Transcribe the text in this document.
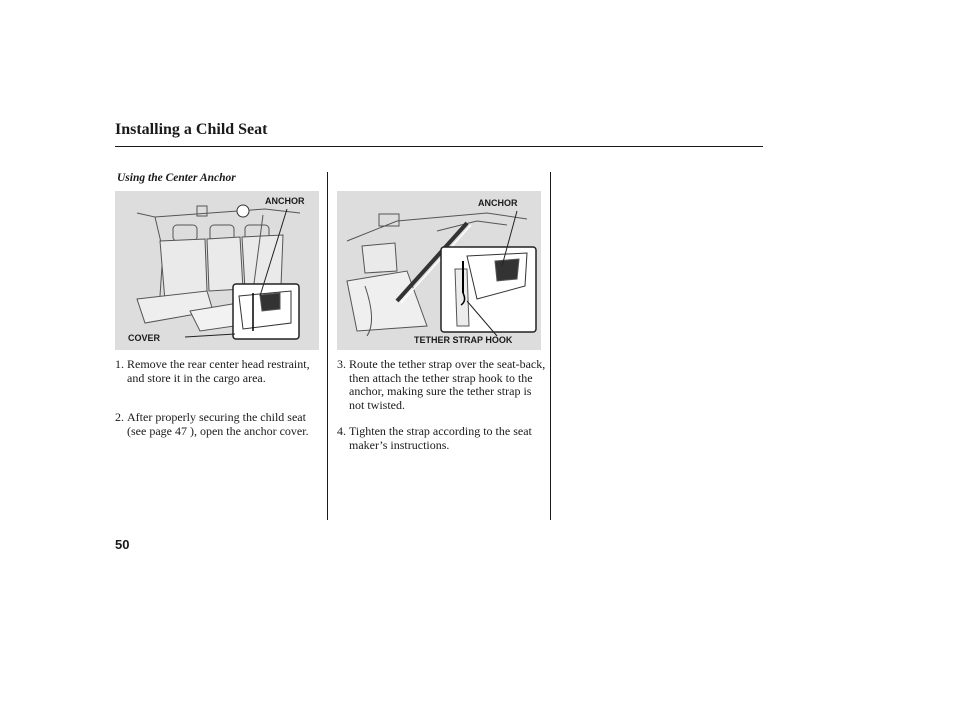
Installing a Child Seat
Using the Center Anchor
ANCHOR
COVER
ANCHOR
TETHER STRAP HOOK
1. Remove the rear center head restraint, and store it in the cargo area.
2. After properly securing the child seat (see page 47 ), open the anchor cover.
3. Route the tether strap over the seat-back, then attach the tether strap hook to the anchor, making sure the tether strap is not twisted.
4. Tighten the strap according to the seat maker’s instructions.
50
